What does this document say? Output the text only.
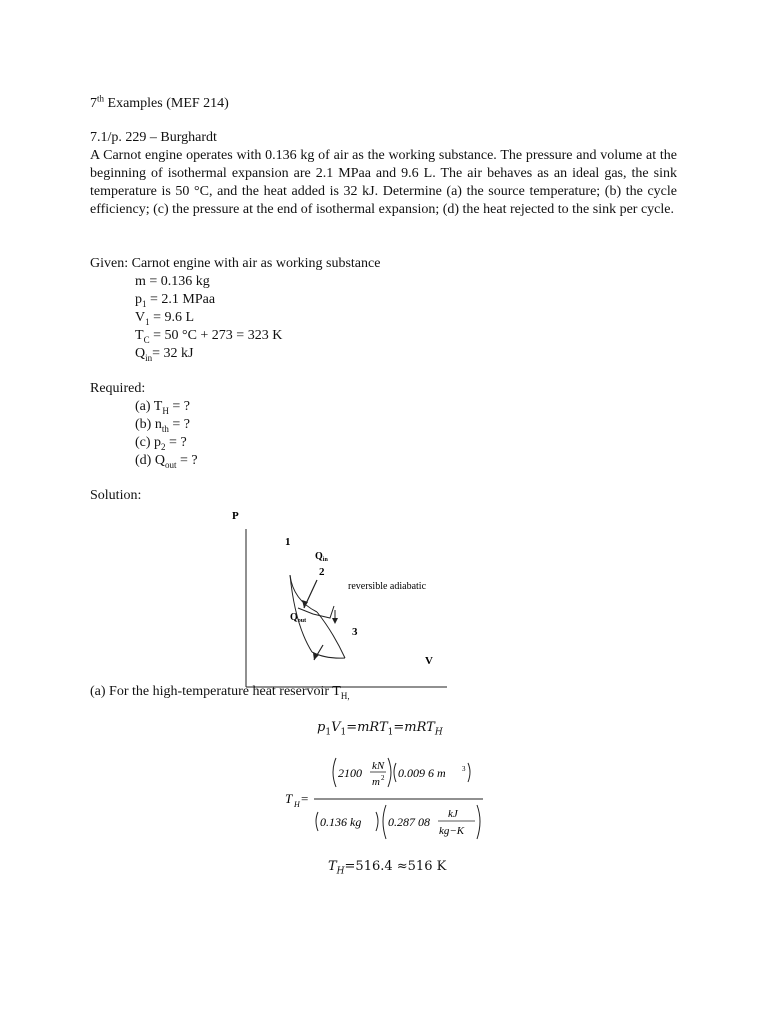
7th Examples (MEF 214)
7.1/p. 229 – Burghardt
A Carnot engine operates with 0.136 kg of air as the working substance. The pressure and volume at the beginning of isothermal expansion are 2.1 MPaa and 9.6 L. The air behaves as an ideal gas, the sink temperature is 50 °C, and the heat added is 32 kJ. Determine (a) the source temperature; (b) the cycle efficiency; (c) the pressure at the end of isothermal expansion; (d) the heat rejected to the sink per cycle.
Given: Carnot engine with air as working substance
m = 0.136 kg
$p_1 = 2.1$ MPaa
$V_1 = 9.6$ L
$T_C = 50$ °C + 273 = 323 K
$Q_{in}= 32$ kJ
Required:
(a) $T_H$ = ?
(b) $n_{th}$ = ?
(c) $p_2$ = ?
(d) $Q_{out}$ = ?
Solution:
P
V
1
2
3
reversible adiabatic
$Q_{in}$
$Q_{out}$
(a) For the high-temperature heat reservoir $T_{H,}$
$p_1V_1=mRT_1=mRT_H$
T H =
2100 kN
m 2 0.009 6 m 3
0.136 kg 0.287 08
kJ
kg−K
$T_H=516.4 \approx 516$ K
